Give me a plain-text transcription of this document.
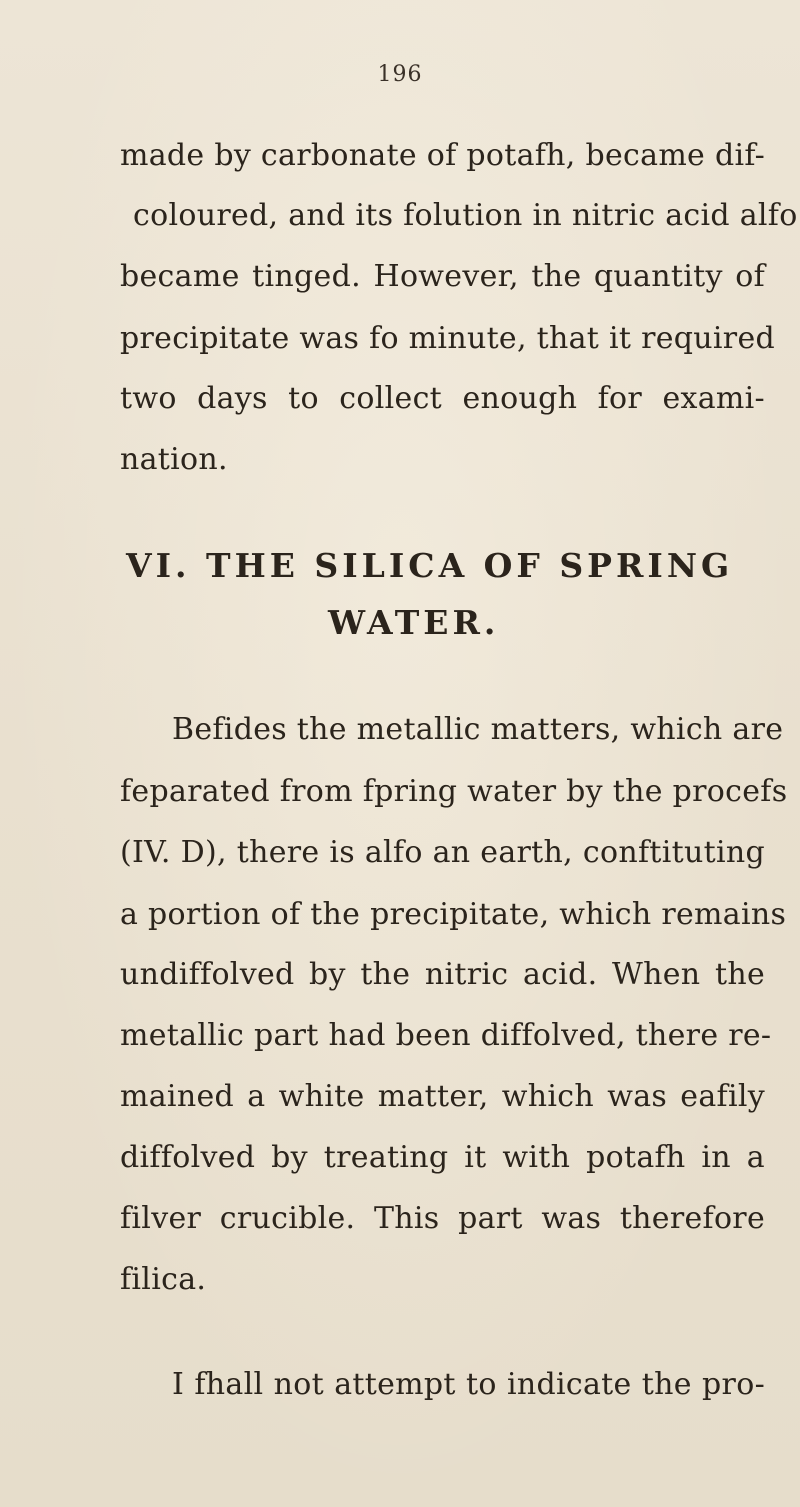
196
made by carbonate of potafh, became dif-
coloured, and its folution in nitric acid alfo
became tinged. However, the quantity of
precipitate was fo minute, that it required
two days to collect enough for exami-
nation.
VI. THE SILICA OF SPRING
WATER.
Befides the metallic matters, which are
feparated from fpring water by the procefs
(IV. D), there is alfo an earth, conftituting
a portion of the precipitate, which remains
undiffolved by the nitric acid. When the
metallic part had been diffolved, there re-
mained a white matter, which was eafily
diffolved by treating it with potafh in a
filver crucible. This part was therefore
filica.
I fhall not attempt to indicate the pro-
